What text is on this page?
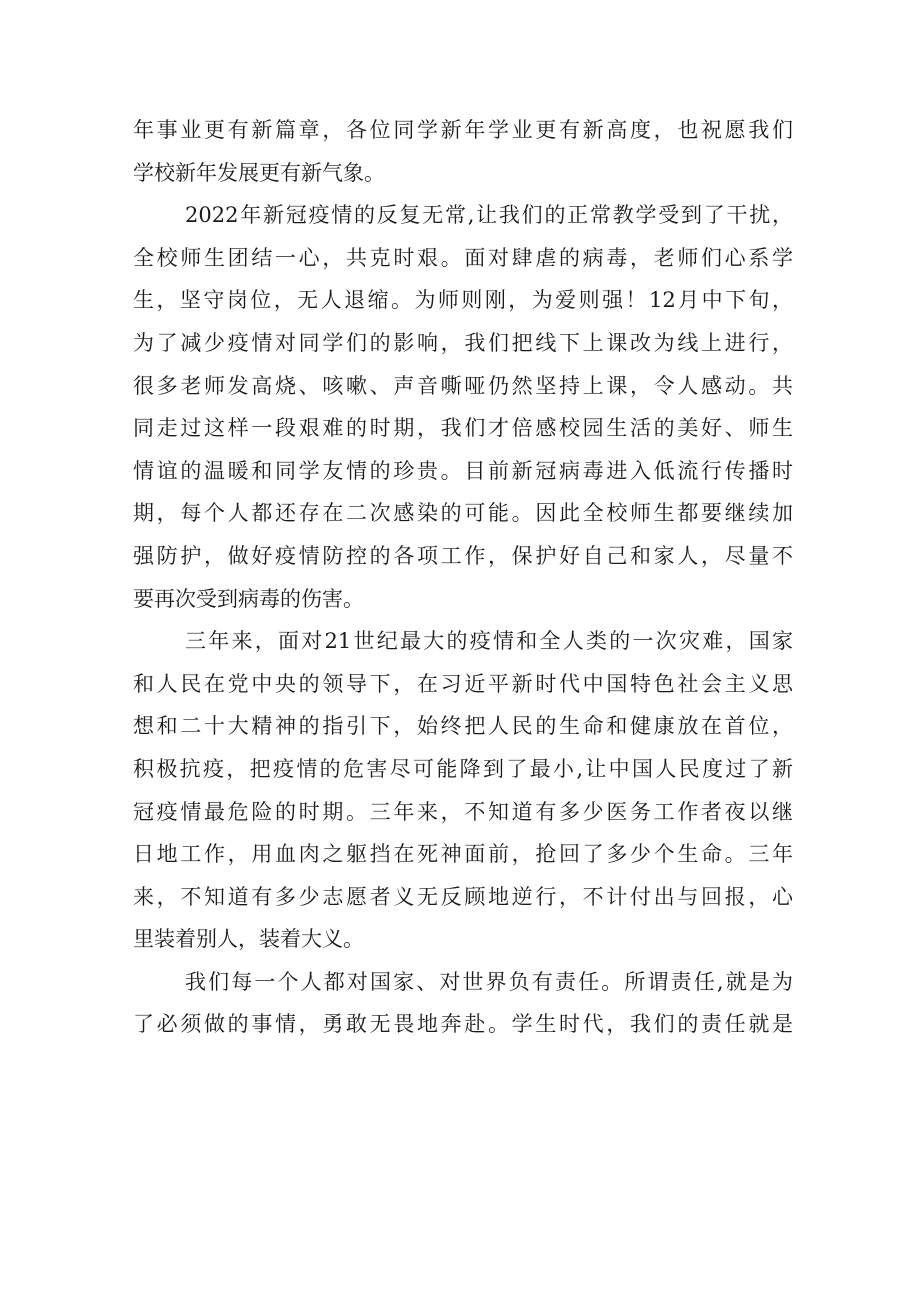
年事业更有新篇章，各位同学新年学业更有新高度，也祝愿我们
学校新年发展更有新气象。
2022年新冠疫情的反复无常,让我们的正常教学受到了干扰，
全校师生团结一心，共克时艰。面对肆虐的病毒，老师们心系学
生，坚守岗位，无人退缩。为师则刚，为爱则强！12月中下旬，
为了减少疫情对同学们的影响，我们把线下上课改为线上进行，
很多老师发高烧、咳嗽、声音嘶哑仍然坚持上课，令人感动。共
同走过这样一段艰难的时期，我们才倍感校园生活的美好、师生
情谊的温暖和同学友情的珍贵。目前新冠病毒进入低流行传播时
期，每个人都还存在二次感染的可能。因此全校师生都要继续加
强防护，做好疫情防控的各项工作，保护好自己和家人，尽量不
要再次受到病毒的伤害。
三年来，面对21世纪最大的疫情和全人类的一次灾难，国家
和人民在党中央的领导下，在习近平新时代中国特色社会主义思
想和二十大精神的指引下，始终把人民的生命和健康放在首位，
积极抗疫，把疫情的危害尽可能降到了最小,让中国人民度过了新
冠疫情最危险的时期。三年来，不知道有多少医务工作者夜以继
日地工作，用血肉之躯挡在死神面前，抢回了多少个生命。三年
来，不知道有多少志愿者义无反顾地逆行，不计付出与回报，心
里装着别人，装着大义。
我们每一个人都对国家、对世界负有责任。所谓责任,就是为
了必须做的事情，勇敢无畏地奔赴。学生时代，我们的责任就是
